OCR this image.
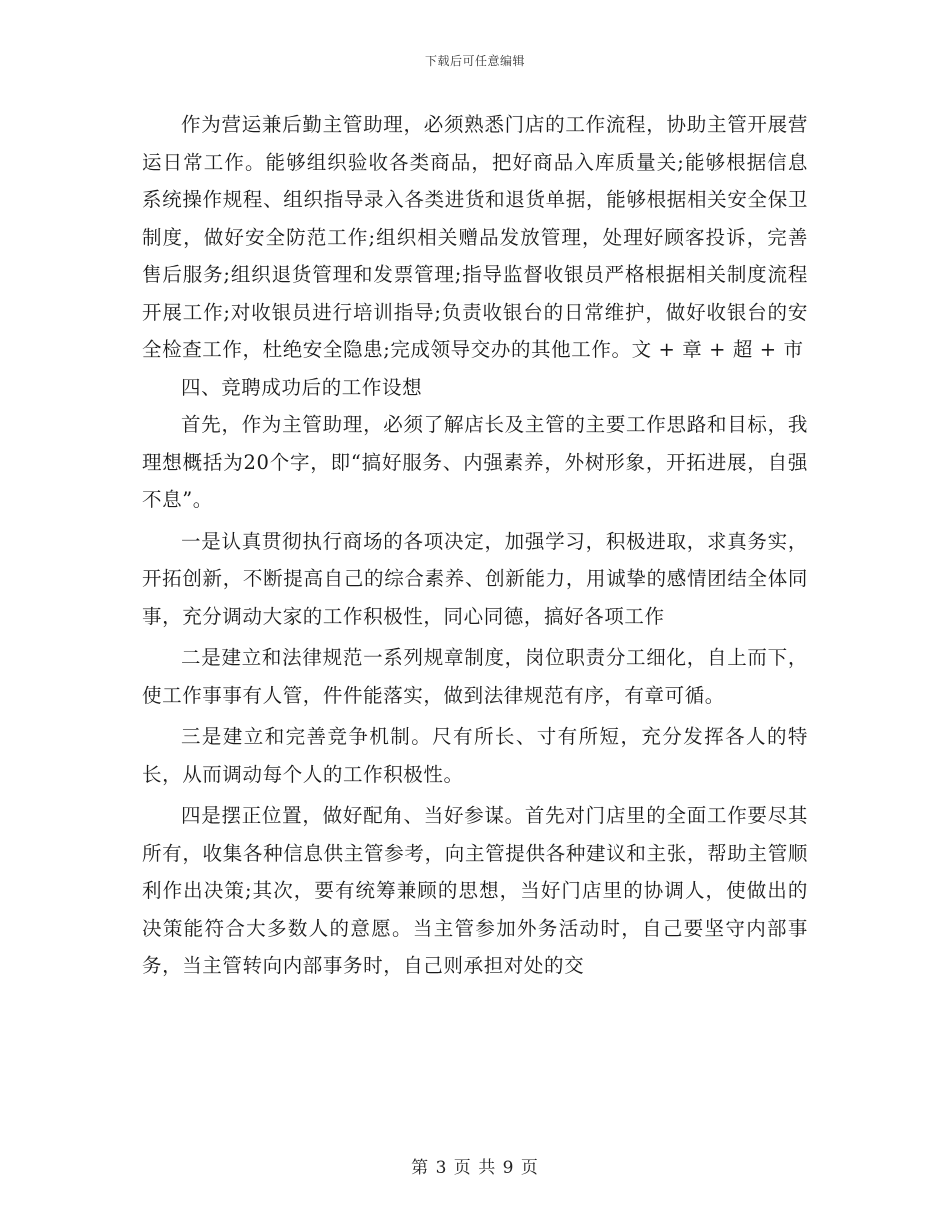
下载后可任意编辑

作为营运兼后勤主管助理，必须熟悉门店的工作流程，协助主管开展营运日常工作。能够组织验收各类商品，把好商品入库质量关;能够根据信息系统操作规程、组织指导录入各类进货和退货单据，能够根据相关安全保卫制度，做好安全防范工作;组织相关赠品发放管理，处理好顾客投诉，完善售后服务;组织退货管理和发票管理;指导监督收银员严格根据相关制度流程开展工作;对收银员进行培训指导;负责收银台的日常维护，做好收银台的安全检查工作，杜绝安全隐患;完成领导交办的其他工作。文 + 章 + 超 + 市

四、竞聘成功后的工作设想

首先，作为主管助理，必须了解店长及主管的主要工作思路和目标，我理想概括为20个字，即“搞好服务、内强素养，外树形象，开拓进展，自强不息”。

一是认真贯彻执行商场的各项决定，加强学习，积极进取，求真务实，开拓创新，不断提高自己的综合素养、创新能力，用诚挚的感情团结全体同事，充分调动大家的工作积极性，同心同德，搞好各项工作

二是建立和法律规范一系列规章制度，岗位职责分工细化，自上而下，使工作事事有人管，件件能落实，做到法律规范有序，有章可循。

三是建立和完善竞争机制。尺有所长、寸有所短，充分发挥各人的特长，从而调动每个人的工作积极性。

四是摆正位置，做好配角、当好参谋。首先对门店里的全面工作要尽其所有，收集各种信息供主管参考，向主管提供各种建议和主张，帮助主管顺利作出决策;其次，要有统筹兼顾的思想，当好门店里的协调人，使做出的决策能符合大多数人的意愿。当主管参加外务活动时，自己要坚守内部事务，当主管转向内部事务时，自己则承担对处的交

第 3 页 共 9 页
